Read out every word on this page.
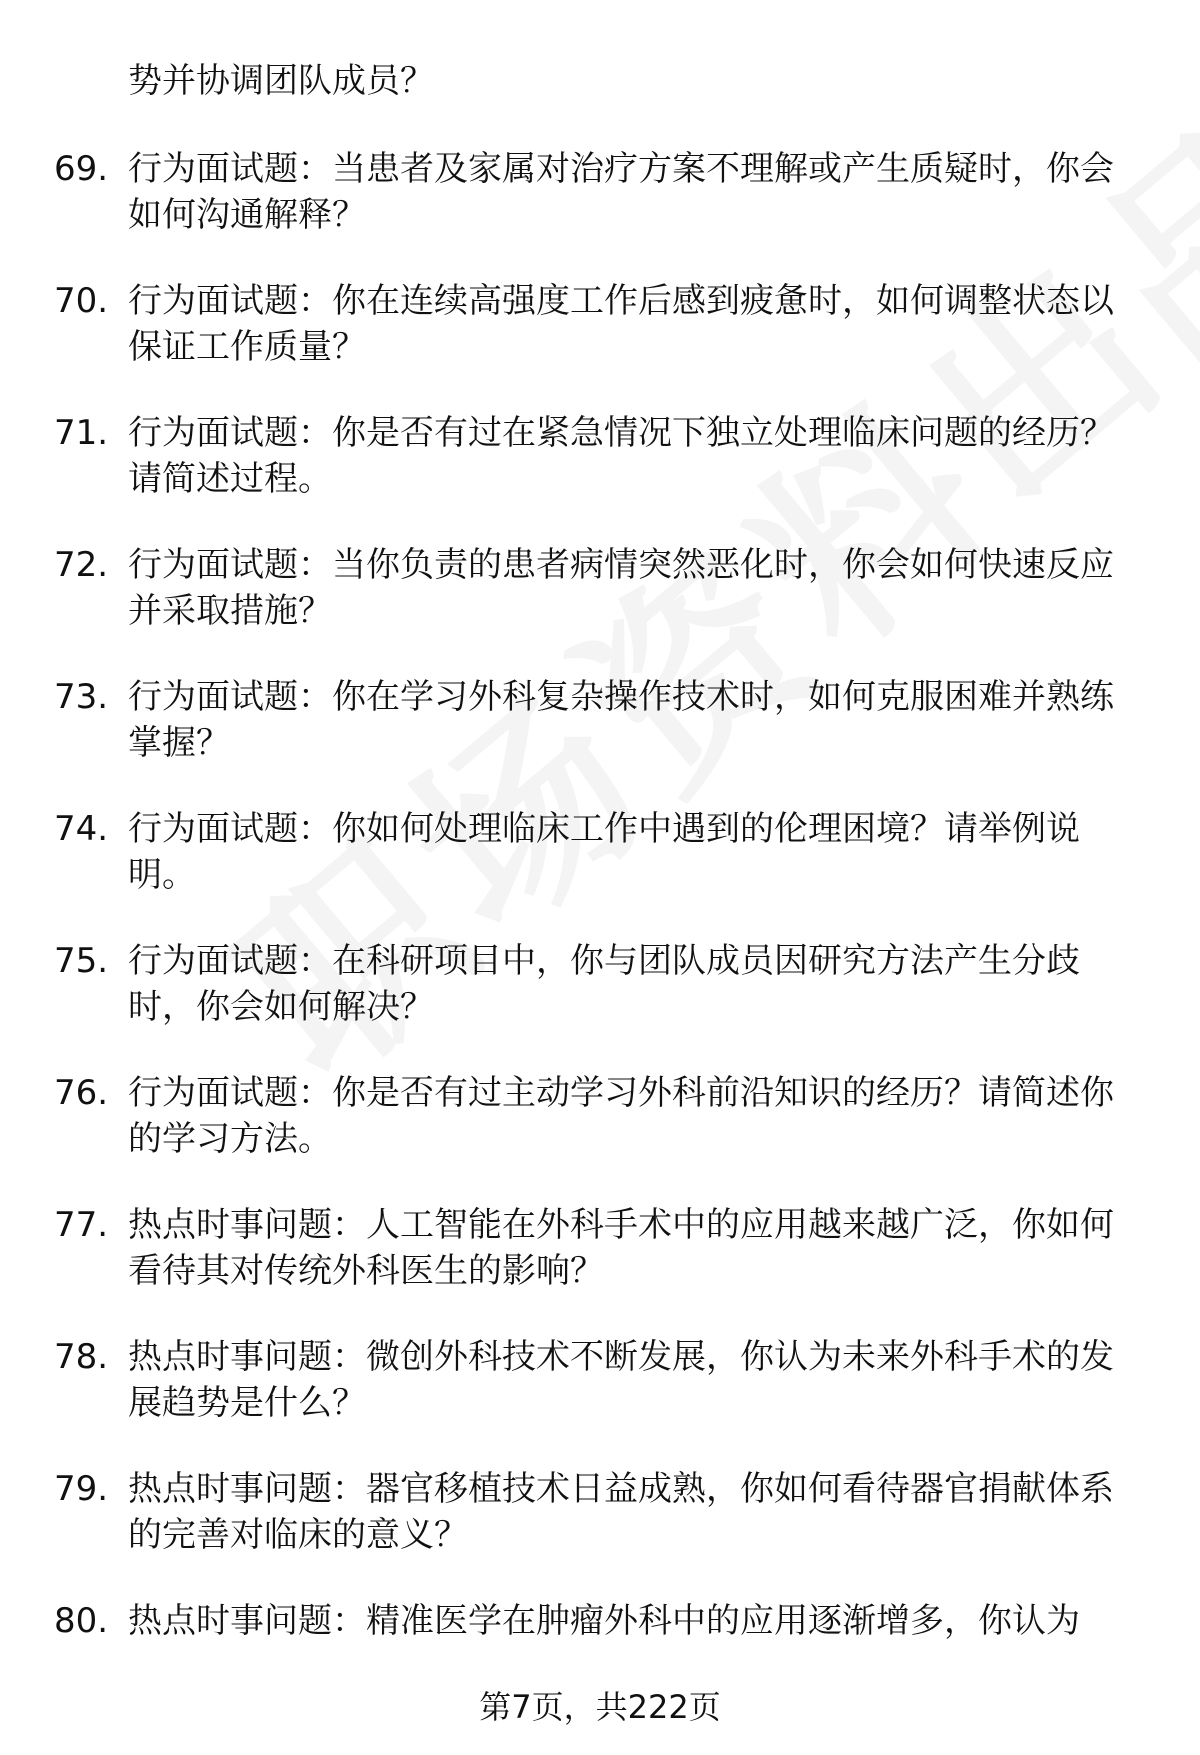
势并协调团队成员？
69. 行为面试题：当患者及家属对治疗方案不理解或产生质疑时，你会如何沟通解释？
70. 行为面试题：你在连续高强度工作后感到疲惫时，如何调整状态以保证工作质量？
71. 行为面试题：你是否有过在紧急情况下独立处理临床问题的经历？请简述过程。
72. 行为面试题：当你负责的患者病情突然恶化时，你会如何快速反应并采取措施？
73. 行为面试题：你在学习外科复杂操作技术时，如何克服困难并熟练掌握？
74. 行为面试题：你如何处理临床工作中遇到的伦理困境？请举例说明。
75. 行为面试题：在科研项目中，你与团队成员因研究方法产生分歧时，你会如何解决？
76. 行为面试题：你是否有过主动学习外科前沿知识的经历？请简述你的学习方法。
77. 热点时事问题：人工智能在外科手术中的应用越来越广泛，你如何看待其对传统外科医生的影响？
78. 热点时事问题：微创外科技术不断发展，你认为未来外科手术的发展趋势是什么？
79. 热点时事问题：器官移植技术日益成熟，你如何看待器官捐献体系的完善对临床的意义？
80. 热点时事问题：精准医学在肿瘤外科中的应用逐渐增多，你认为
第7页，共222页
